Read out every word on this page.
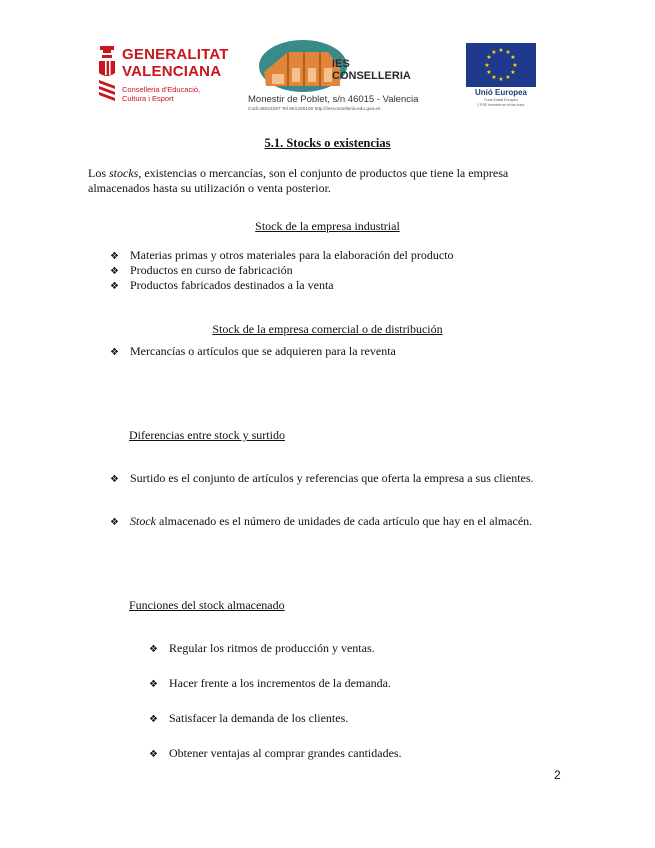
GENERALITAT
VALENCIANA
Conselleria d'Educació,
Cultura i Esport
IES
CONSELLERIA
Monestir de Poblet, s/n 46015 - Valencia
Codi:46022257 Tel.961206100 http://iesconselleria.edu.gva.es
★ ★
★
★
★
★
★
★
★
★
★
★
Unió Europea
Fons Social Europeu
L'FSE inverteix en el teu futur
5.1. Stocks o existencias
Los stocks, existencias o mercancías, son el conjunto de productos que tiene la empresa almacenados hasta su utilización o venta posterior.
Stock de la empresa industrial
❖ Materias primas y otros materiales para la elaboración del producto
❖ Productos en curso de fabricación
❖ Productos fabricados destinados a la venta
Stock de la empresa comercial o de distribución
❖ Mercancías o artículos que se adquieren para la reventa
Diferencias entre stock y surtido
❖ Surtido es el conjunto de artículos y referencias que oferta la empresa a sus clientes.
❖ Stock almacenado es el número de unidades de cada artículo que hay en el almacén.
Funciones del stock almacenado
❖ Regular los ritmos de producción y ventas.
❖ Hacer frente a los incrementos de la demanda.
❖ Satisfacer la demanda de los clientes.
❖ Obtener ventajas al comprar grandes cantidades.
2
